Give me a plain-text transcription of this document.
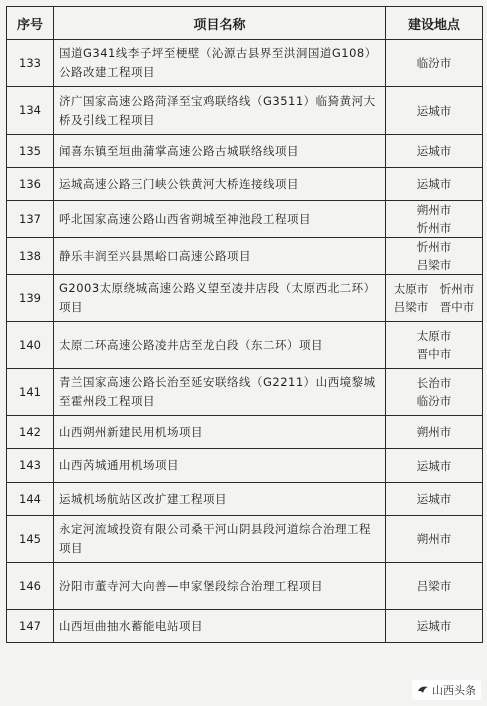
序号	项目名称	建设地点
133	国道G341线李子坪至梗壁（沁源古县界至洪洞国道G108）公路改建工程项目	临汾市

134	济广国家高速公路菏泽至宝鸡联络线（G3511）临猗黄河大桥及引线工程项目	运城市

135	闻喜东镇至垣曲蒲掌高速公路古城联络线项目	运城市

136	运城高速公路三门峡公铁黄河大桥连接线项目	运城市

137	呼北国家高速公路山西省朔城至神池段工程项目	朔州市
忻州市

138	静乐丰润至兴县黑峪口高速公路项目	忻州市
吕梁市

139	G2003太原绕城高速公路义望至凌井店段（太原西北二环）项目	太原市　忻州市
吕梁市　晋中市

140	太原二环高速公路凌井店至龙白段（东二环）项目	太原市
晋中市

141	青兰国家高速公路长治至延安联络线（G2211）山西境黎城至霍州段工程项目	长治市
临汾市

142	山西朔州新建民用机场项目	朔州市

143	山西芮城通用机场项目	运城市

144	运城机场航站区改扩建工程项目	运城市

145	永定河流域投资有限公司桑干河山阴县段河道综合治理工程项目	朔州市

146	汾阳市董寺河大向善—申家堡段综合治理工程项目	吕梁市

147	山西垣曲抽水蓄能电站项目	运城市
山西头条
